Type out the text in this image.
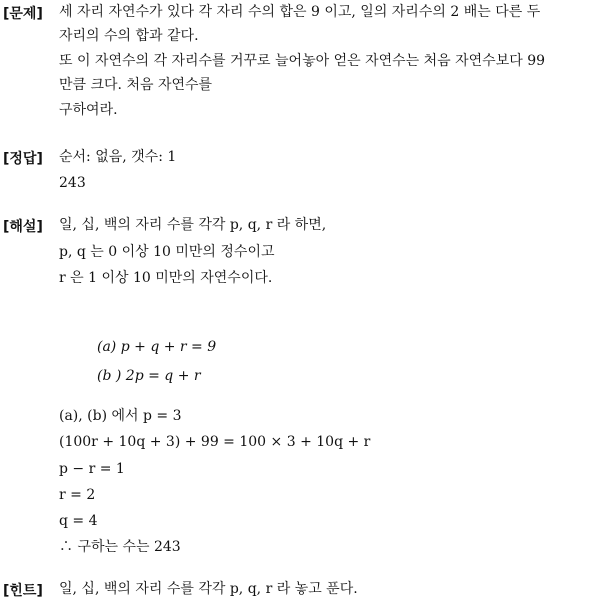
[문제] 세 자리 자연수가 있다 각 자리 수의 합은 9 이고, 일의 자리수의 2 배는 다른 두
자리의 수의 합과 같다.
또 이 자연수의 각 자리수를 거꾸로 늘어놓아 얻은 자연수는 처음 자연수보다 99
만큼 크다. 처음 자연수를
구하여라.
[정답] 순서: 없음, 갯수: 1
243
[해설] 일, 십, 백의 자리 수를 각각 p, q, r 라 하면,
p, q 는 0 이상 10 미만의 정수이고
r 은 1 이상 10 미만의 자연수이다.
(a) p + q + r = 9
(b ) 2p = q + r
(a), (b) 에서 p = 3
(100r + 10q + 3) + 99 = 100 × 3 + 10q + r
p − r = 1
r = 2
q = 4
∴ 구하는 수는 243
[힌트] 일, 십, 백의 자리 수를 각각 p, q, r 라 놓고 푼다.
